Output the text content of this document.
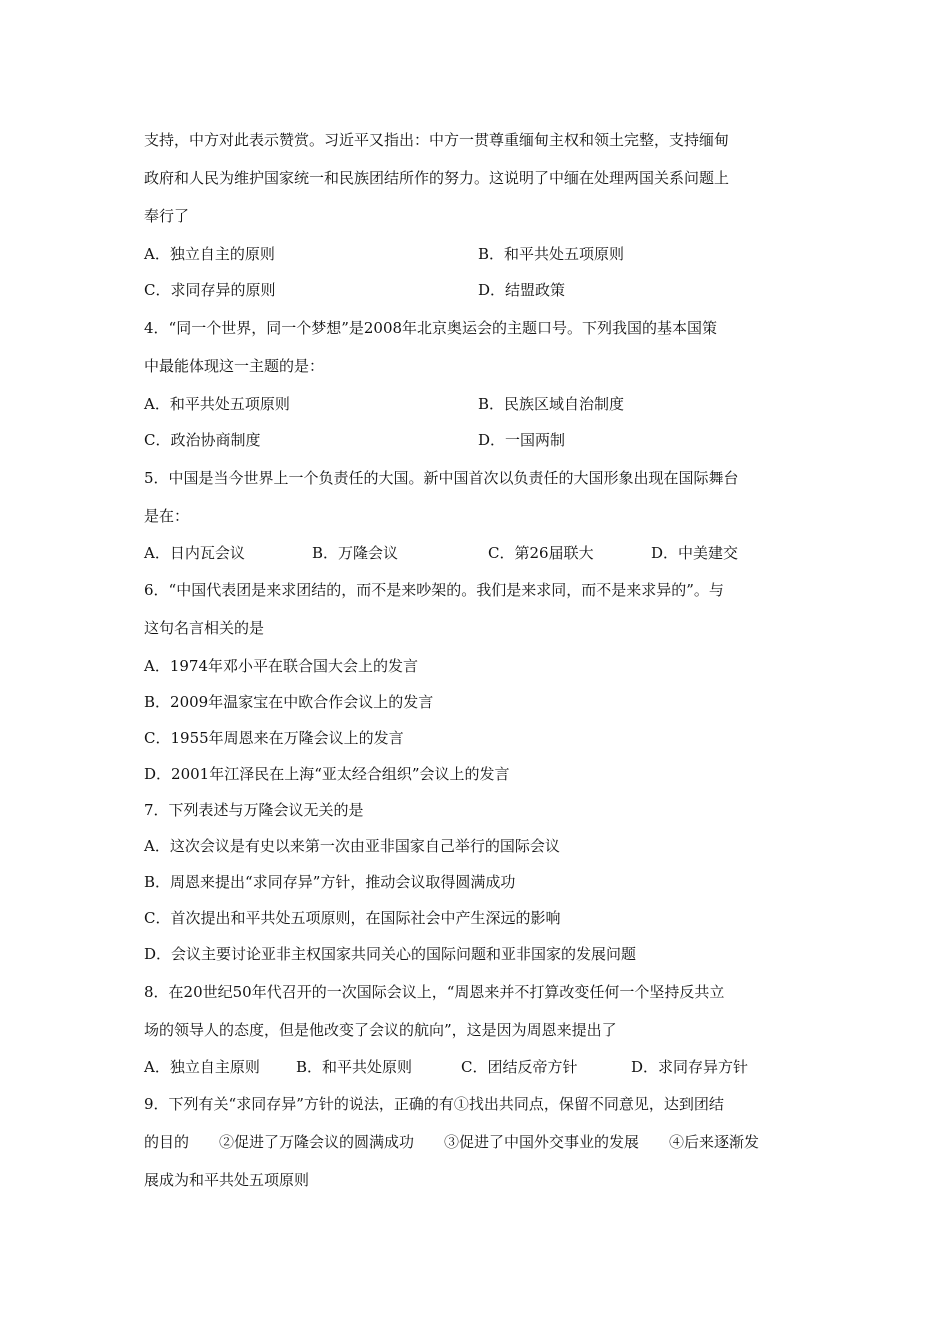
支持，中方对此表示赞赏。习近平又指出：中方一贯尊重缅甸主权和领土完整，支持缅甸
政府和人民为维护国家统一和民族团结所作的努力。这说明了中缅在处理两国关系问题上
奉行了
A．独立自主的原则	B．和平共处五项原则
C．求同存异的原则	D．结盟政策
4．“同一个世界，同一个梦想”是2008年北京奥运会的主题口号。下列我国的基本国策
中最能体现这一主题的是：
A．和平共处五项原则	B．民族区域自治制度
C．政治协商制度	D．一国两制
5．中国是当今世界上一个负责任的大国。新中国首次以负责任的大国形象出现在国际舞台
是在：
A．日内瓦会议	B．万隆会议	C．第26届联大	D．中美建交
6．“中国代表团是来求团结的，而不是来吵架的。我们是来求同，而不是来求异的”。与
这句名言相关的是
A．1974年邓小平在联合国大会上的发言
B．2009年温家宝在中欧合作会议上的发言
C．1955年周恩来在万隆会议上的发言
D．2001年江泽民在上海“亚太经合组织”会议上的发言
7．下列表述与万隆会议无关的是
A．这次会议是有史以来第一次由亚非国家自己举行的国际会议
B．周恩来提出“求同存异”方针，推动会议取得圆满成功
C．首次提出和平共处五项原则，在国际社会中产生深远的影响
D．会议主要讨论亚非主权国家共同关心的国际问题和亚非国家的发展问题
8．在20世纪50年代召开的一次国际会议上，“周恩来并不打算改变任何一个坚持反共立
场的领导人的态度，但是他改变了会议的航向”，这是因为周恩来提出了
A．独立自主原则 B．和平共处原则	C．团结反帝方针	D．求同存异方针
9．下列有关“求同存异”方针的说法，正确的有①找出共同点，保留不同意见，达到团结
的目的　　②促进了万隆会议的圆满成功　　③促进了中国外交事业的发展　　④后来逐渐发
展成为和平共处五项原则
